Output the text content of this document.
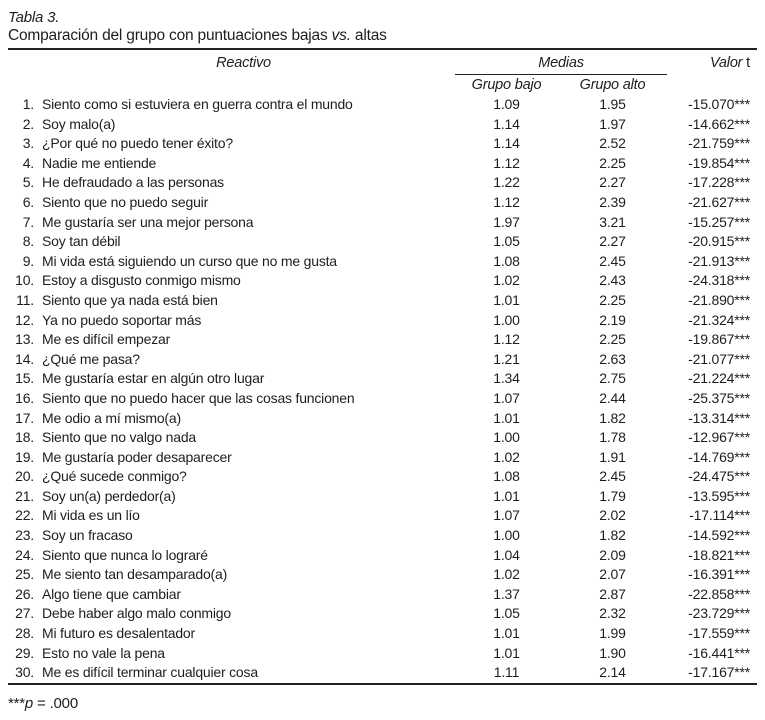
Tabla 3.
Comparación del grupo con puntuaciones bajas vs. altas
Reactivo		Medias		Valor t
		Grupo bajo	Grupo alto	
1.	Siento como si estuviera en guerra contra el mundo	1.09	1.95	-15.070***
2.	Soy malo(a)	1.14	1.97	-14.662***
3.	¿Por qué no puedo tener éxito?	1.14	2.52	-21.759***
4.	Nadie me entiende	1.12	2.25	-19.854***
5.	He defraudado a las personas	1.22	2.27	-17.228***
6.	Siento que no puedo seguir	1.12	2.39	-21.627***
7.	Me gustaría ser una mejor persona	1.97	3.21	-15.257***
8.	Soy tan débil	1.05	2.27	-20.915***
9.	Mi vida está siguiendo un curso que no me gusta	1.08	2.45	-21.913***
10.	Estoy a disgusto conmigo mismo	1.02	2.43	-24.318***
11.	Siento que ya nada está bien	1.01	2.25	-21.890***
12.	Ya no puedo soportar más	1.00	2.19	-21.324***
13.	Me es difícil empezar	1.12	2.25	-19.867***
14.	¿Qué me pasa?	1.21	2.63	-21.077***
15.	Me gustaría estar en algún otro lugar	1.34	2.75	-21.224***
16.	Siento que no puedo hacer que las cosas funcionen	1.07	2.44	-25.375***
17.	Me odio a mí mismo(a)	1.01	1.82	-13.314***
18.	Siento que no valgo nada	1.00	1.78	-12.967***
19.	Me gustaría poder desaparecer	1.02	1.91	-14.769***
20.	¿Qué sucede conmigo?	1.08	2.45	-24.475***
21.	Soy un(a) perdedor(a)	1.01	1.79	-13.595***
22.	Mi vida es un lío	1.07	2.02	-17.114***
23.	Soy un fracaso	1.00	1.82	-14.592***
24.	Siento que nunca lo lograré	1.04	2.09	-18.821***
25.	Me siento tan desamparado(a)	1.02	2.07	-16.391***
26.	Algo tiene que cambiar	1.37	2.87	-22.858***
27.	Debe haber algo malo conmigo	1.05	2.32	-23.729***
28.	Mi futuro es desalentador	1.01	1.99	-17.559***
29.	Esto no vale la pena	1.01	1.90	-16.441***
30.	Me es difícil terminar cualquier cosa	1.11	2.14	-17.167***
***p = .000
